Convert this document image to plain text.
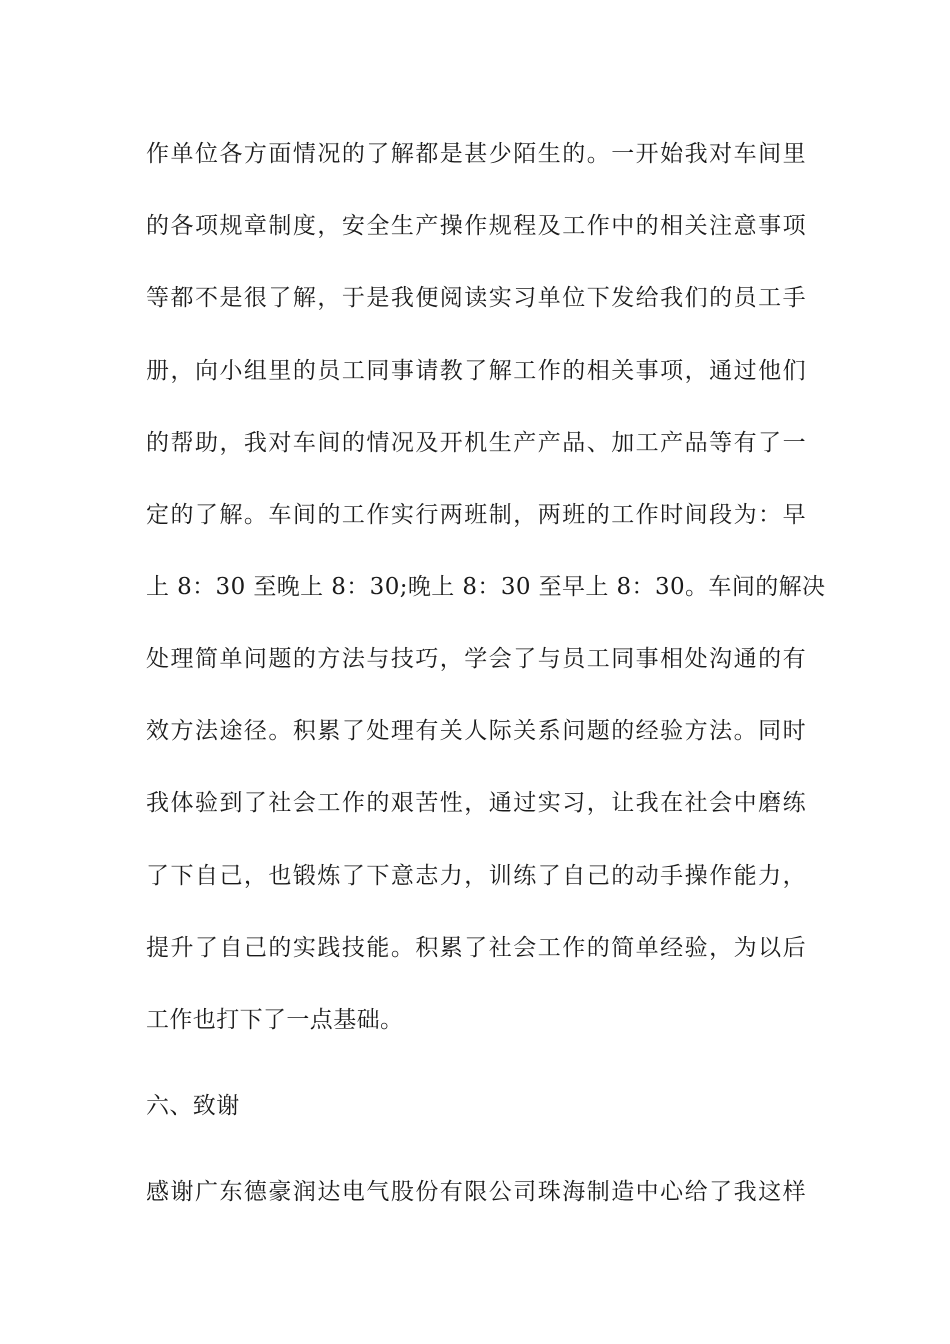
作单位各方面情况的了解都是甚少陌生的。一开始我对车间里
的各项规章制度，安全生产操作规程及工作中的相关注意事项
等都不是很了解，于是我便阅读实习单位下发给我们的员工手
册，向小组里的员工同事请教了解工作的相关事项，通过他们
的帮助，我对车间的情况及开机生产产品、加工产品等有了一
定的了解。车间的工作实行两班制，两班的工作时间段为：早
上 8：30 至晚上 8：30;晚上 8：30 至早上 8：30。车间的解决
处理简单问题的方法与技巧，学会了与员工同事相处沟通的有
效方法途径。积累了处理有关人际关系问题的经验方法。同时
我体验到了社会工作的艰苦性，通过实习，让我在社会中磨练
了下自己，也锻炼了下意志力，训练了自己的动手操作能力，
提升了自己的实践技能。积累了社会工作的简单经验，为以后
工作也打下了一点基础。
六、致谢
感谢广东德豪润达电气股份有限公司珠海制造中心给了我这样
